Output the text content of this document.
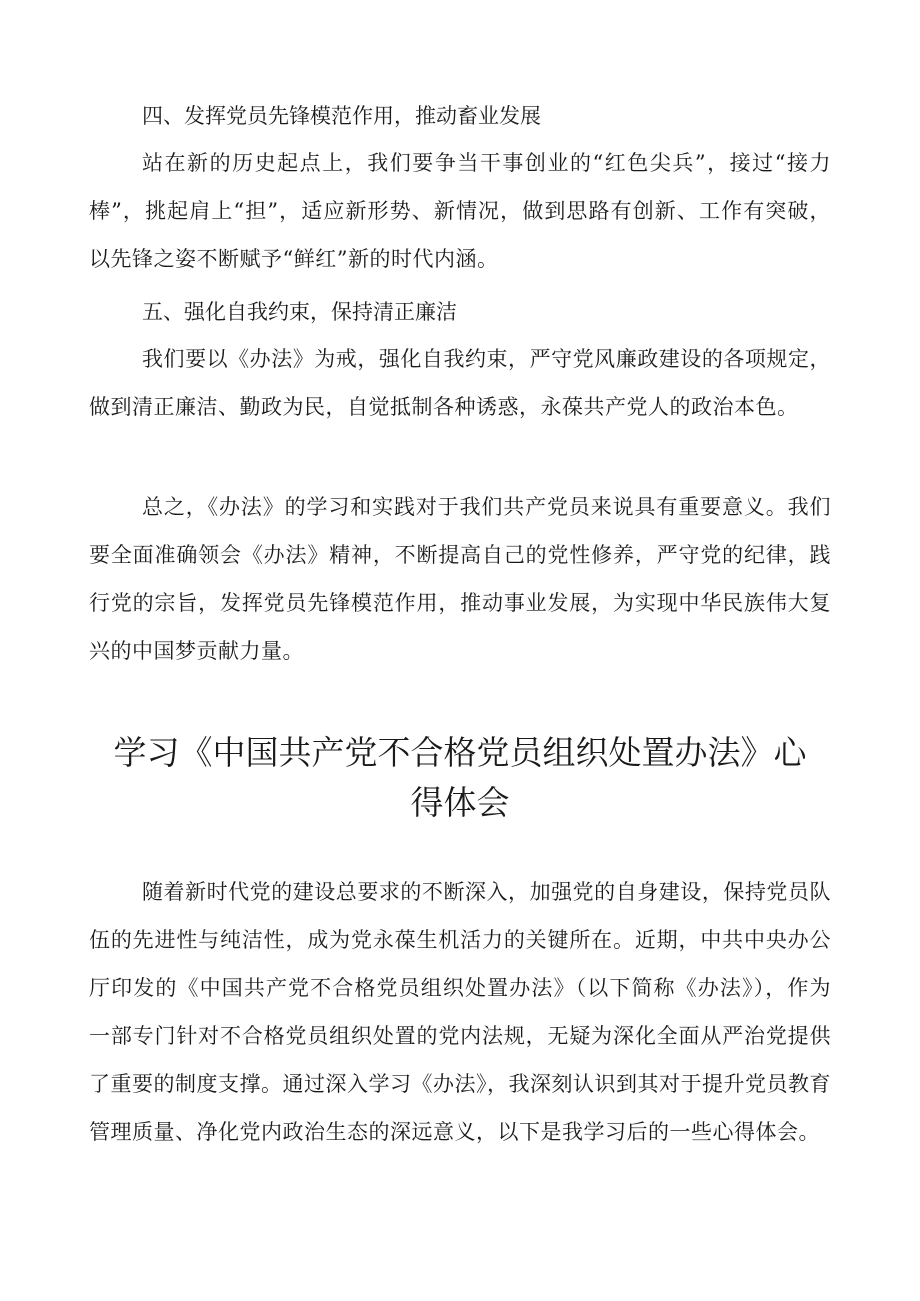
四、发挥党员先锋模范作用，推动畜业发展
站在新的历史起点上，我们要争当干事创业的“红色尖兵”，接过“接力棒”，挑起肩上“担”，适应新形势、新情况，做到思路有创新、工作有突破，以先锋之姿不断赋予“鲜红”新的时代内涵。
五、强化自我约束，保持清正廉洁
我们要以《办法》为戒，强化自我约束，严守党风廉政建设的各项规定，做到清正廉洁、勤政为民，自觉抵制各种诱惑，永葆共产党人的政治本色。
总之，《办法》的学习和实践对于我们共产党员来说具有重要意义。我们要全面准确领会《办法》精神，不断提高自己的党性修养，严守党的纪律，践行党的宗旨，发挥党员先锋模范作用，推动事业发展，为实现中华民族伟大复兴的中国梦贡献力量。
学习《中国共产党不合格党员组织处置办法》心
得体会
随着新时代党的建设总要求的不断深入，加强党的自身建设，保持党员队伍的先进性与纯洁性，成为党永葆生机活力的关键所在。近期，中共中央办公厅印发的《中国共产党不合格党员组织处置办法》（以下简称《办法》），作为一部专门针对不合格党员组织处置的党内法规，无疑为深化全面从严治党提供了重要的制度支撑。通过深入学习《办法》，我深刻认识到其对于提升党员教育管理质量、净化党内政治生态的深远意义，以下是我学习后的一些心得体会。
